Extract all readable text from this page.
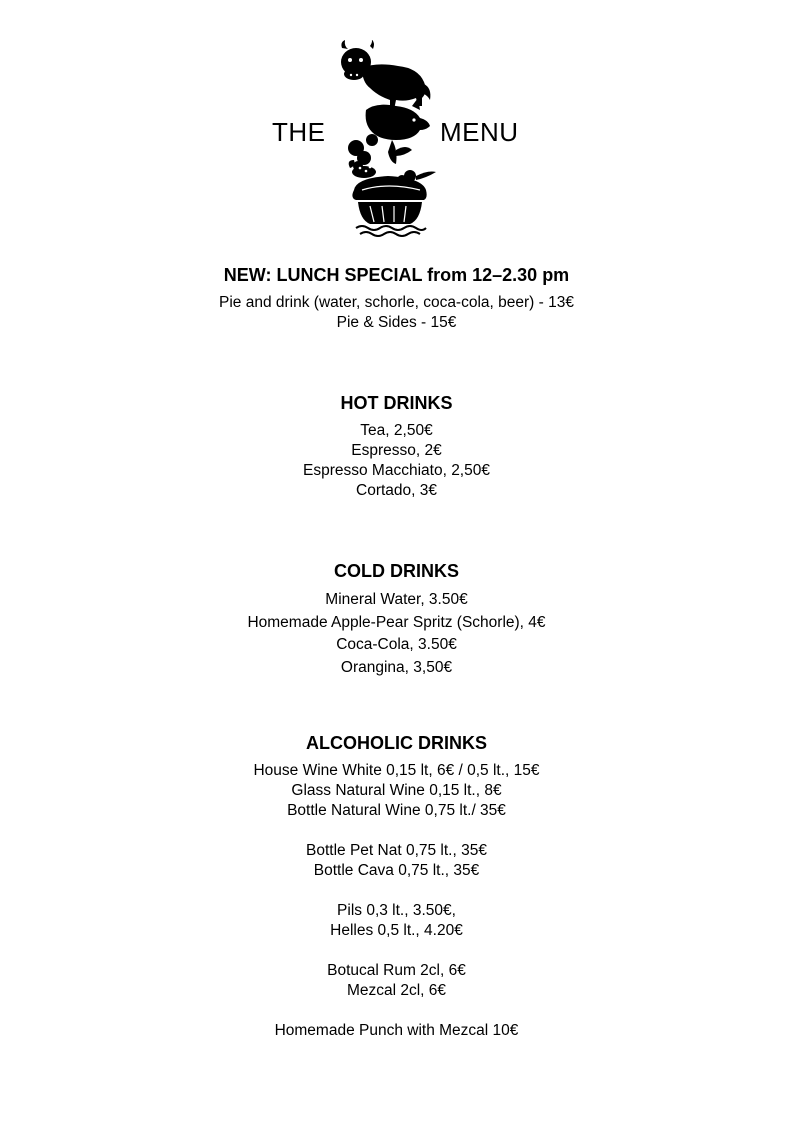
THE	MENU
NEW: LUNCH SPECIAL from 12–2.30 pm
Pie and drink (water, schorle, coca-cola, beer) - 13€
Pie & Sides - 15€
HOT DRINKS
Tea, 2,50€
Espresso, 2€
Espresso Macchiato, 2,50€
Cortado, 3€
COLD DRINKS
Mineral Water, 3.50€
Homemade Apple-Pear Spritz (Schorle), 4€
Coca-Cola, 3.50€
Orangina, 3,50€
ALCOHOLIC DRINKS
House Wine White 0,15 lt, 6€ / 0,5 lt., 15€
Glass Natural Wine 0,15 lt., 8€
Bottle Natural Wine 0,75 lt./ 35€
Bottle Pet Nat 0,75 lt., 35€
Bottle Cava 0,75 lt., 35€
Pils 0,3 lt., 3.50€,
Helles 0,5 lt., 4.20€
Botucal Rum 2cl, 6€
Mezcal 2cl, 6€
Homemade Punch with Mezcal 10€
